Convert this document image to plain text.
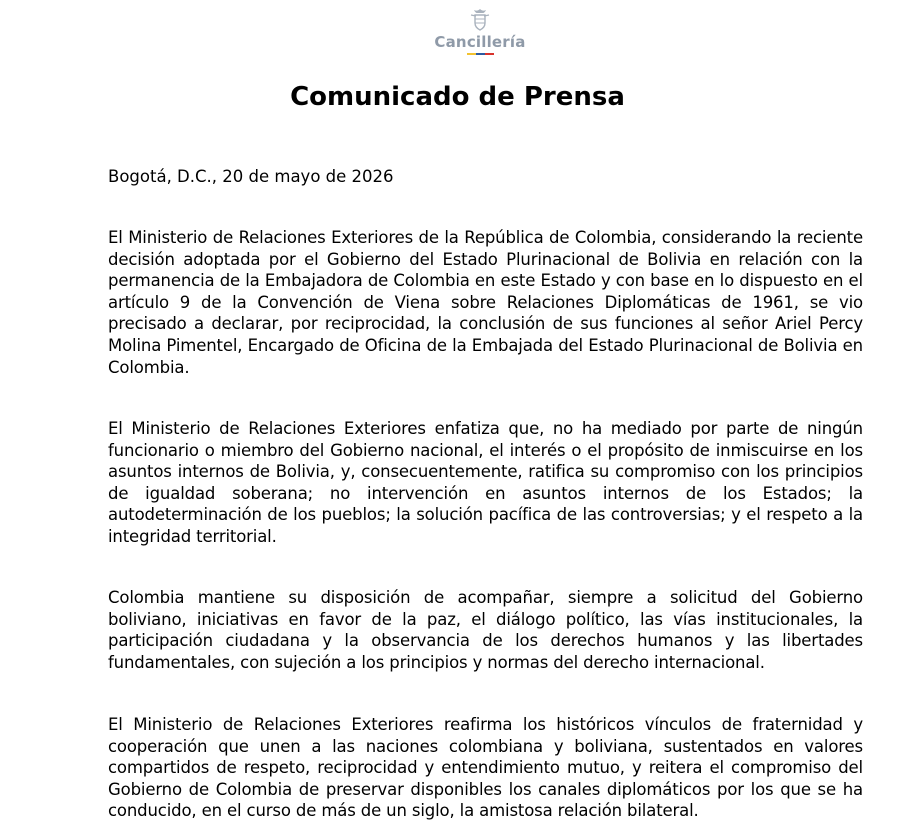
Cancillería
Comunicado de Prensa

Bogotá, D.C., 20 de mayo de 2026

El Ministerio de Relaciones Exteriores de la República de Colombia, considerando la reciente decisión adoptada por el Gobierno del Estado Plurinacional de Bolivia en relación con la permanencia de la Embajadora de Colombia en este Estado y con base en lo dispuesto en el artículo 9 de la Convención de Viena sobre Relaciones Diplomáticas de 1961, se vio precisado a declarar, por reciprocidad, la conclusión de sus funciones al señor Ariel Percy Molina Pimentel, Encargado de Oficina de la Embajada del Estado Plurinacional de Bolivia en Colombia.

El Ministerio de Relaciones Exteriores enfatiza que, no ha mediado por parte de ningún funcionario o miembro del Gobierno nacional, el interés o el propósito de inmiscuirse en los asuntos internos de Bolivia, y, consecuentemente, ratifica su compromiso con los principios de igualdad soberana; no intervención en asuntos internos de los Estados; la autodeterminación de los pueblos; la solución pacífica de las controversias; y el respeto a la integridad territorial.

Colombia mantiene su disposición de acompañar, siempre a solicitud del Gobierno boliviano, iniciativas en favor de la paz, el diálogo político, las vías institucionales, la participación ciudadana y la observancia de los derechos humanos y las libertades fundamentales, con sujeción a los principios y normas del derecho internacional.

El Ministerio de Relaciones Exteriores reafirma los históricos vínculos de fraternidad y cooperación que unen a las naciones colombiana y boliviana, sustentados en valores compartidos de respeto, reciprocidad y entendimiento mutuo, y reitera el compromiso del Gobierno de Colombia de preservar disponibles los canales diplomáticos por los que se ha conducido, en el curso de más de un siglo, la amistosa relación bilateral.
